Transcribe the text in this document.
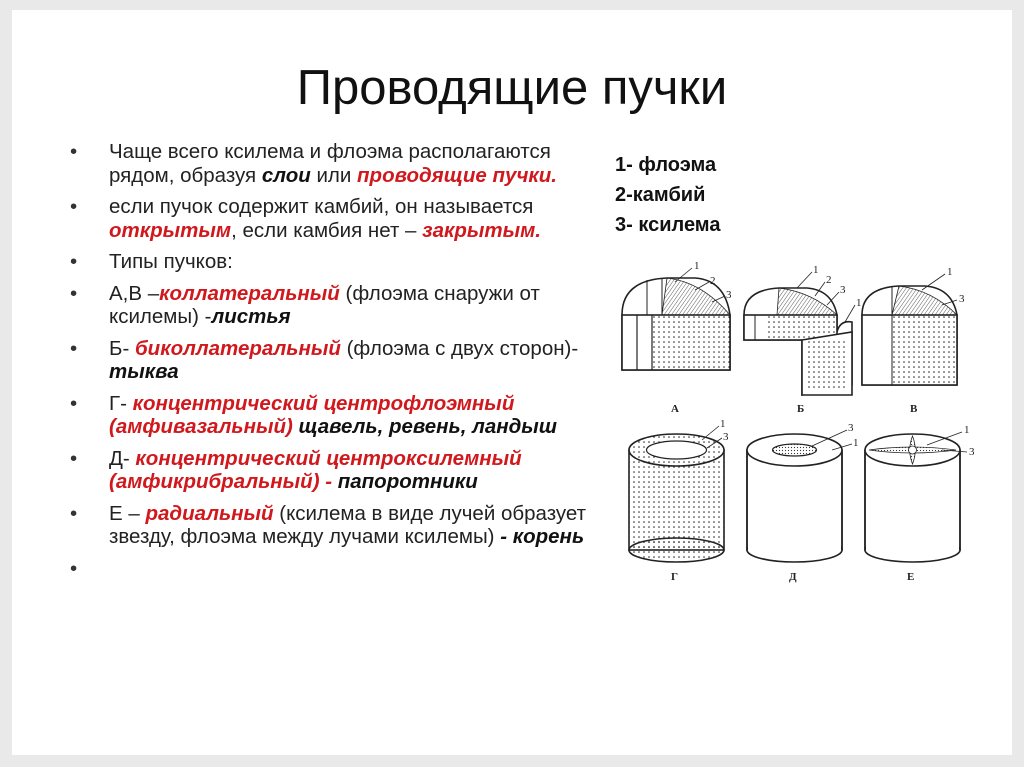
Проводящие пучки
• Чаще всего ксилема и флоэма располагаются рядом, образуя слои или проводящие пучки.
• если пучок содержит камбий, он называется открытым, если камбия нет – закрытым.
• Типы пучков:
• А,В –коллатеральный (флоэма снаружи от ксилемы) -листья
• Б- биколлатеральный (флоэма с двух сторон)- тыква
• Г- концентрический центрофлоэмный (амфивазальный) щавель, ревень, ландыш
• Д- концентрический центроксилемный (амфикрибральный) - папоротники
• Е – радиальный (ксилема в виде лучей образует звезду, флоэма между лучами ксилемы) - корень
•
1- флоэма
2-камбий
3- ксилема
1
2
3
А
1
2
3
1
Б
1
3
В
1
3
Г
3
1
Д
1
3
Е
